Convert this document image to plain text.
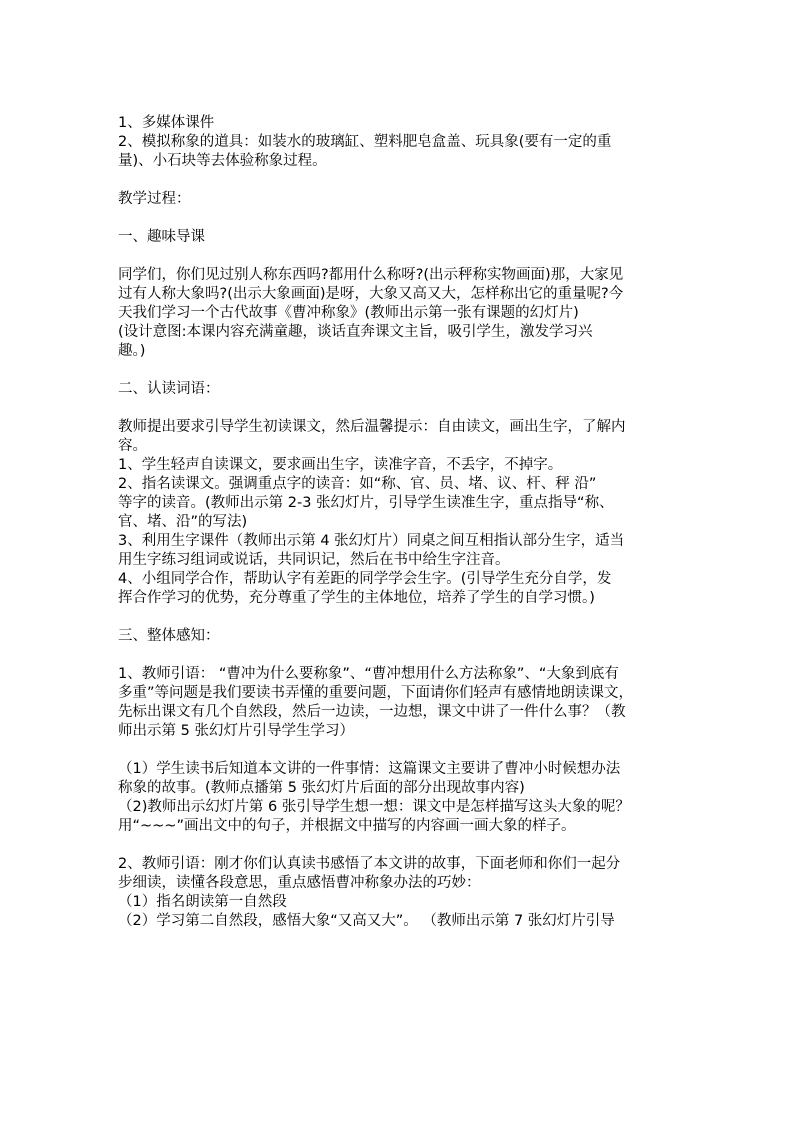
1、多媒体课件
2、模拟称象的道具：如装水的玻璃缸、塑料肥皂盒盖、玩具象(要有一定的重
量)、小石块等去体验称象过程。
教学过程：
一、趣味导课
同学们，你们见过别人称东西吗?都用什么称呀?(出示秤称实物画面)那，大家见
过有人称大象吗?(出示大象画面)是呀，大象又高又大，怎样称出它的重量呢?今
天我们学习一个古代故事《曹冲称象》(教师出示第一张有课题的幻灯片)
(设计意图:本课内容充满童趣，谈话直奔课文主旨，吸引学生，激发学习兴
趣。)
二、认读词语：
教师提出要求引导学生初读课文，然后温馨提示：自由读文，画出生字，了解内
容。
1、学生轻声自读课文，要求画出生字，读准字音，不丢字，不掉字。
2、指名读课文。强调重点字的读音：如“称、官、员、堵、议、杆、秤 沿”
等字的读音。(教师出示第 2-3 张幻灯片，引导学生读准生字，重点指导“称、
官、堵、沿”的写法)
3、利用生字课件（教师出示第 4 张幻灯片）同桌之间互相指认部分生字，适当
用生字练习组词或说话，共同识记，然后在书中给生字注音。
4、小组同学合作，帮助认字有差距的同学学会生字。(引导学生充分自学，发
挥合作学习的优势，充分尊重了学生的主体地位，培养了学生的自学习惯。)
三、整体感知：
1、教师引语： “曹冲为什么要称象”、“曹冲想用什么方法称象”、“大象到底有
多重”等问题是我们要读书弄懂的重要问题，下面请你们轻声有感情地朗读课文，
先标出课文有几个自然段，然后一边读，一边想，课文中讲了一件什么事？（教
师出示第 5 张幻灯片引导学生学习）
（1）学生读书后知道本文讲的一件事情：这篇课文主要讲了曹冲小时候想办法
称象的故事。(教师点播第 5 张幻灯片后面的部分出现故事内容)
（2)教师出示幻灯片第 6 张引导学生想一想：课文中是怎样描写这头大象的呢？
用“~~~”画出文中的句子，并根据文中描写的内容画一画大象的样子。
2、教师引语：刚才你们认真读书感悟了本文讲的故事，下面老师和你们一起分
步细读，读懂各段意思，重点感悟曹冲称象办法的巧妙：
（1）指名朗读第一自然段
（2）学习第二自然段，感悟大象“又高又大”。 （教师出示第 7 张幻灯片引导
